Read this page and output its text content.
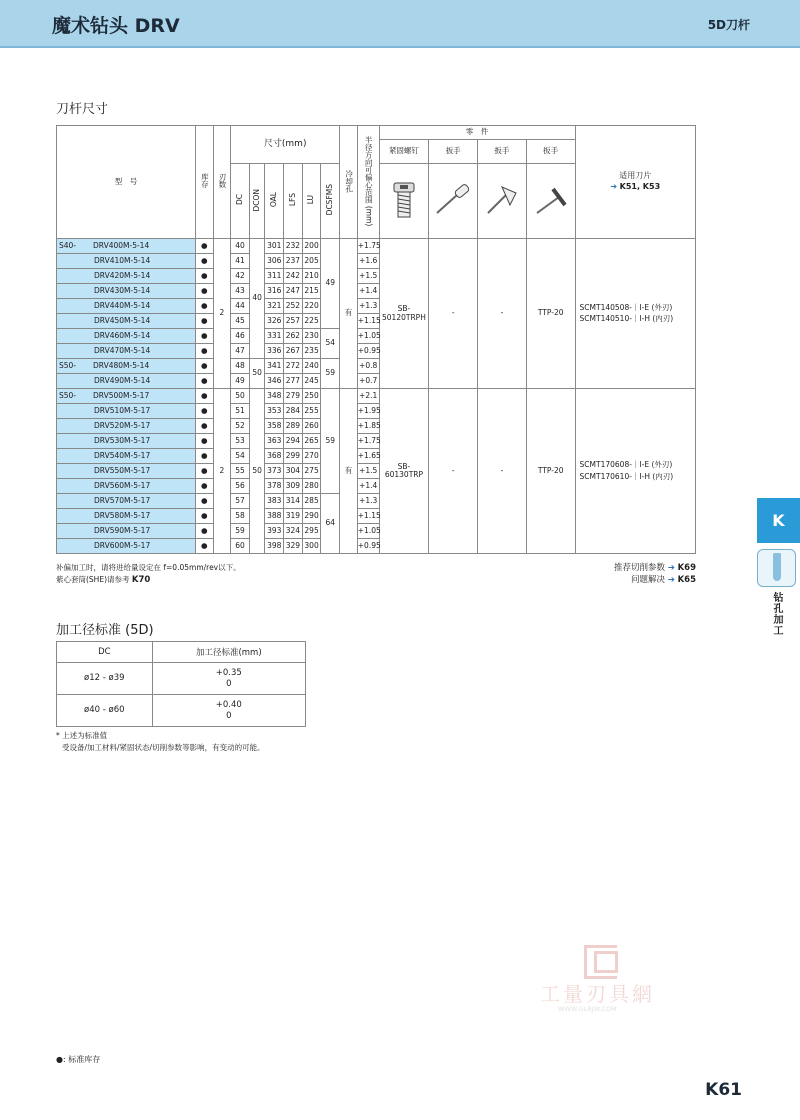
魔术钻头 DRV	5D刀杆
刀杆尺寸
型　号	库存	刃数	尺寸(mm)						冷却孔	半径方向可偏心范围 (mm)	零　件				适用刀片
➔ K51, K53

											紧固螺钉	扳手	扳手	扳手	
			DC	DCON	OAL	LFS	LU	DCSFMS				
S40- DRV400M-5-14	●	2	40	40	301	232	200	49	有	+1.75	SB-50120TRPH	-	-	TTP-20	SCMT140508-｜I-E (外刃)
SCMT140510-｜I-H (内刃)

DRV410M-5-14	●		41		306	237	205			+1.6					
DRV420M-5-14	●		42		311	242	210			+1.5					
DRV430M-5-14	●		43		316	247	215			+1.4					
DRV440M-5-14	●		44		321	252	220			+1.3					
DRV450M-5-14	●		45		326	257	225			+1.15					
DRV460M-5-14	●		46		331	262	230	54		+1.05					
DRV470M-5-14	●		47		336	267	235			+0.95					
S50- DRV480M-5-14	●		48	50	341	272	240	59		+0.8					
DRV490M-5-14	●		49		346	277	245			+0.7					
S50- DRV500M-5-17	●	2	50	50	348	279	250	59	有	+2.1	SB-60130TRP	-	-	TTP-20	SCMT170608-｜I-E (外刃)
SCMT170610-｜I-H (内刃)

DRV510M-5-17	●		51		353	284	255			+1.95					
DRV520M-5-17	●		52		358	289	260			+1.85					
DRV530M-5-17	●		53		363	294	265			+1.75					
DRV540M-5-17	●		54		368	299	270			+1.65					
DRV550M-5-17	●		55		373	304	275			+1.5					
DRV560M-5-17	●		56		378	309	280			+1.4					
DRV570M-5-17	●		57		383	314	285	64		+1.3					
DRV580M-5-17	●		58		388	319	290			+1.15					
DRV590M-5-17	●		59		393	324	295			+1.05					
DRV600M-5-17	●		60		398	329	300			+0.95					
补偏加工时，请将进给量设定在 f=0.05mm/rev以下。
紫心套筒(SHE)请参考 K70
推荐切削参数 ➔ K69
问题解决 ➔ K65
加工径标准 (5D)
DC	加工径标准(mm)
ø12 - ø39	+0.35
0

ø40 - ø60	+0.40
0
* 上述为标准值
受设备/加工材料/紧固状态/切削参数等影响，有变动的可能。
K
钻孔加工
工量刃具網
WWW.GLRJW.COM
●: 标准库存
K61
